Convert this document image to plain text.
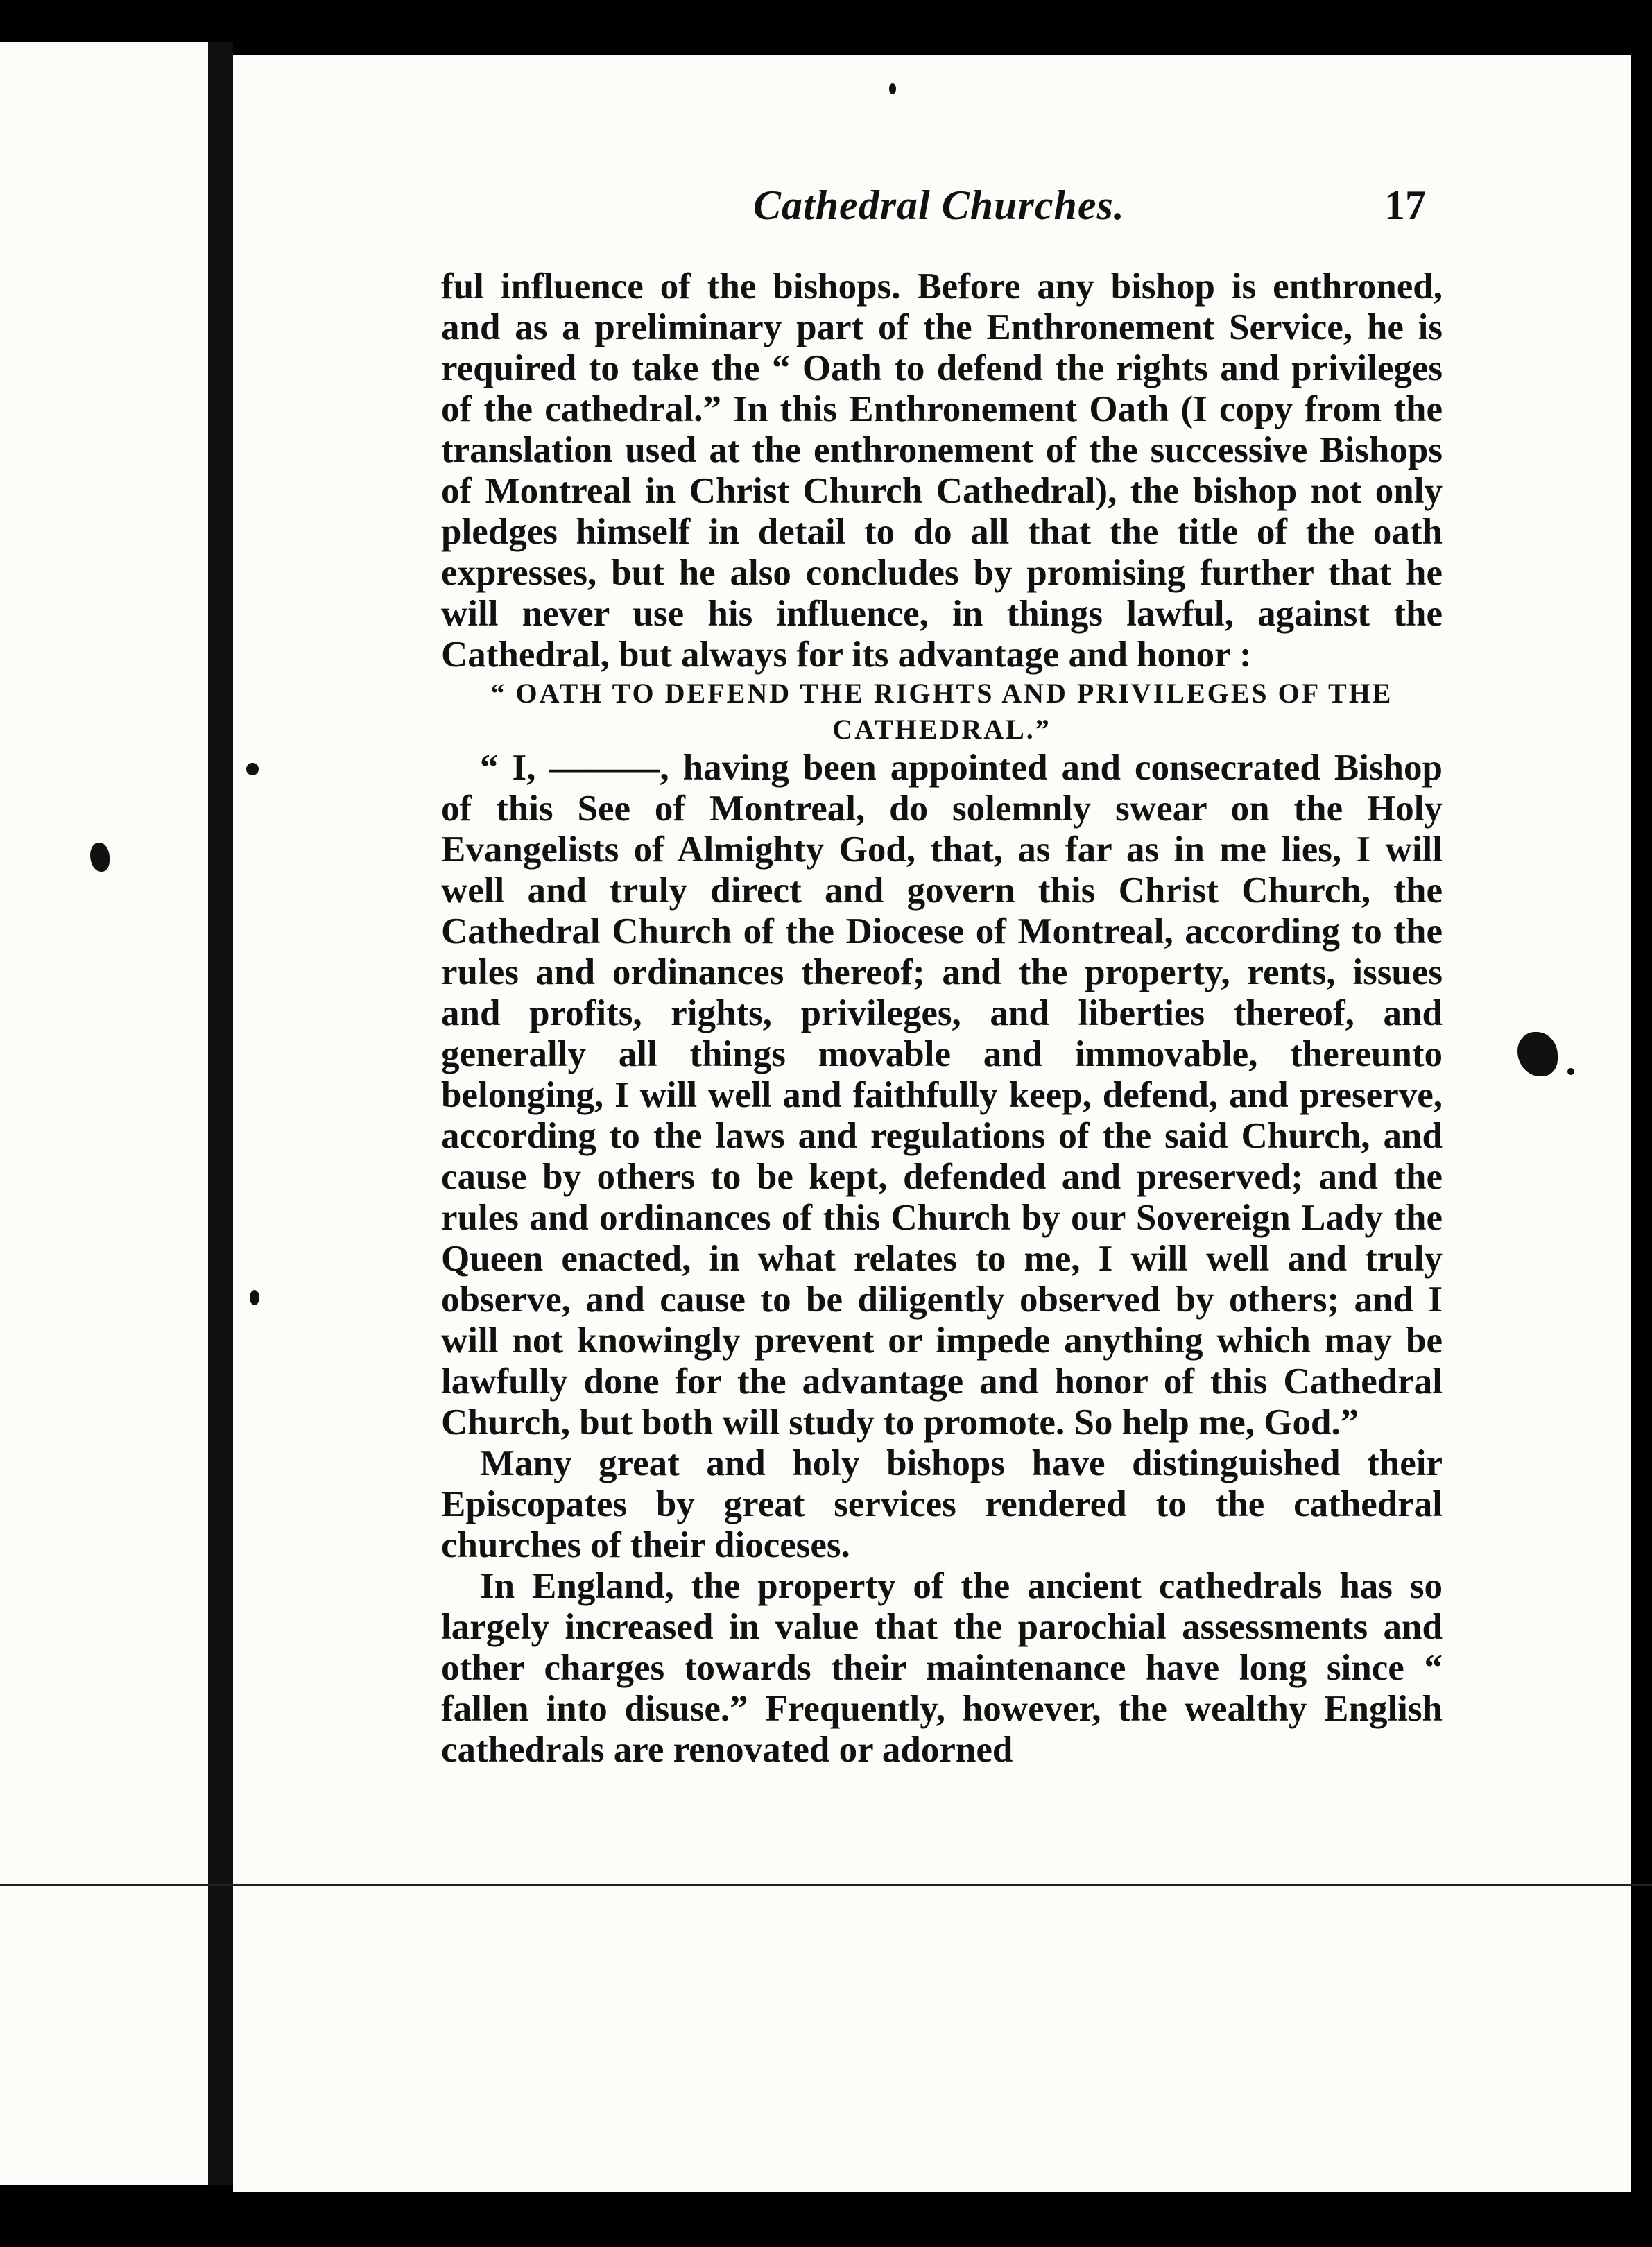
Cathedral Churches.	17

ful influence of the bishops. Before any bishop is enthroned, and as a preliminary part of the Enthronement Service, he is required to take the “ Oath to defend the rights and privileges of the cathedral.” In this Enthronement Oath (I copy from the translation used at the enthronement of the successive Bishops of Montreal in Christ Church Cathedral), the bishop not only pledges himself in detail to do all that the title of the oath expresses, but he also concludes by promising further that he will never use his influence, in things lawful, against the Cathedral, but always for its advantage and honor :

“ OATH TO DEFEND THE RIGHTS AND PRIVILEGES OF THE CATHEDRAL.”

“ I, ———, having been appointed and consecrated Bishop of this See of Montreal, do solemnly swear on the Holy Evangelists of Almighty God, that, as far as in me lies, I will well and truly direct and govern this Christ Church, the Cathedral Church of the Diocese of Montreal, according to the rules and ordinances thereof; and the property, rents, issues and profits, rights, privileges, and liberties thereof, and generally all things movable and immovable, thereunto belonging, I will well and faithfully keep, defend, and preserve, according to the laws and regulations of the said Church, and cause by others to be kept, defended and preserved; and the rules and ordinances of this Church by our Sovereign Lady the Queen enacted, in what relates to me, I will well and truly observe, and cause to be diligently observed by others; and I will not knowingly prevent or impede anything which may be lawfully done for the advantage and honor of this Cathedral Church, but both will study to promote. So help me, God.”

Many great and holy bishops have distinguished their Episcopates by great services rendered to the cathedral churches of their dioceses.

In England, the property of the ancient cathedrals has so largely increased in value that the parochial assessments and other charges towards their maintenance have long since “ fallen into disuse.” Frequently, however, the wealthy English cathedrals are renovated or adorned
